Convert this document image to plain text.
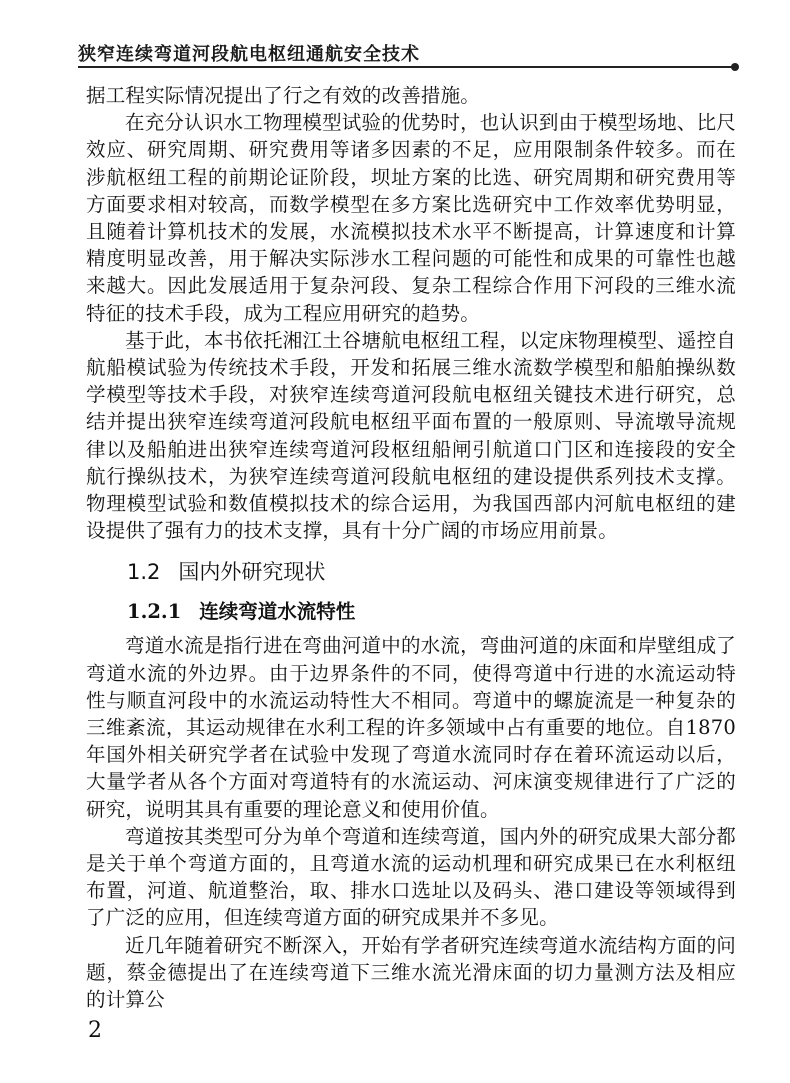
狭窄连续弯道河段航电枢纽通航安全技术

据工程实际情况提出了行之有效的改善措施。

在充分认识水工物理模型试验的优势时，也认识到由于模型场地、比尺效应、研究周期、研究费用等诸多因素的不足，应用限制条件较多。而在涉航枢纽工程的前期论证阶段，坝址方案的比选、研究周期和研究费用等方面要求相对较高，而数学模型在多方案比选研究中工作效率优势明显，且随着计算机技术的发展，水流模拟技术水平不断提高，计算速度和计算精度明显改善，用于解决实际涉水工程问题的可能性和成果的可靠性也越来越大。因此发展适用于复杂河段、复杂工程综合作用下河段的三维水流特征的技术手段，成为工程应用研究的趋势。

基于此，本书依托湘江土谷塘航电枢纽工程，以定床物理模型、遥控自航船模试验为传统技术手段，开发和拓展三维水流数学模型和船舶操纵数学模型等技术手段，对狭窄连续弯道河段航电枢纽关键技术进行研究，总结并提出狭窄连续弯道河段航电枢纽平面布置的一般原则、导流墩导流规律以及船舶进出狭窄连续弯道河段枢纽船闸引航道口门区和连接段的安全航行操纵技术，为狭窄连续弯道河段航电枢纽的建设提供系列技术支撑。物理模型试验和数值模拟技术的综合运用，为我国西部内河航电枢纽的建设提供了强有力的技术支撑，具有十分广阔的市场应用前景。

1.2 国内外研究现状
1.2.1 连续弯道水流特性

弯道水流是指行进在弯曲河道中的水流，弯曲河道的床面和岸壁组成了弯道水流的外边界。由于边界条件的不同，使得弯道中行进的水流运动特性与顺直河段中的水流运动特性大不相同。弯道中的螺旋流是一种复杂的三维紊流，其运动规律在水利工程的许多领域中占有重要的地位。自1870年国外相关研究学者在试验中发现了弯道水流同时存在着环流运动以后，大量学者从各个方面对弯道特有的水流运动、河床演变规律进行了广泛的研究，说明其具有重要的理论意义和使用价值。

弯道按其类型可分为单个弯道和连续弯道，国内外的研究成果大部分都是关于单个弯道方面的，且弯道水流的运动机理和研究成果已在水利枢纽布置，河道、航道整治，取、排水口选址以及码头、港口建设等领域得到了广泛的应用，但连续弯道方面的研究成果并不多见。

近几年随着研究不断深入，开始有学者研究连续弯道水流结构方面的问题，蔡金德提出了在连续弯道下三维水流光滑床面的切力量测方法及相应的计算公

2
